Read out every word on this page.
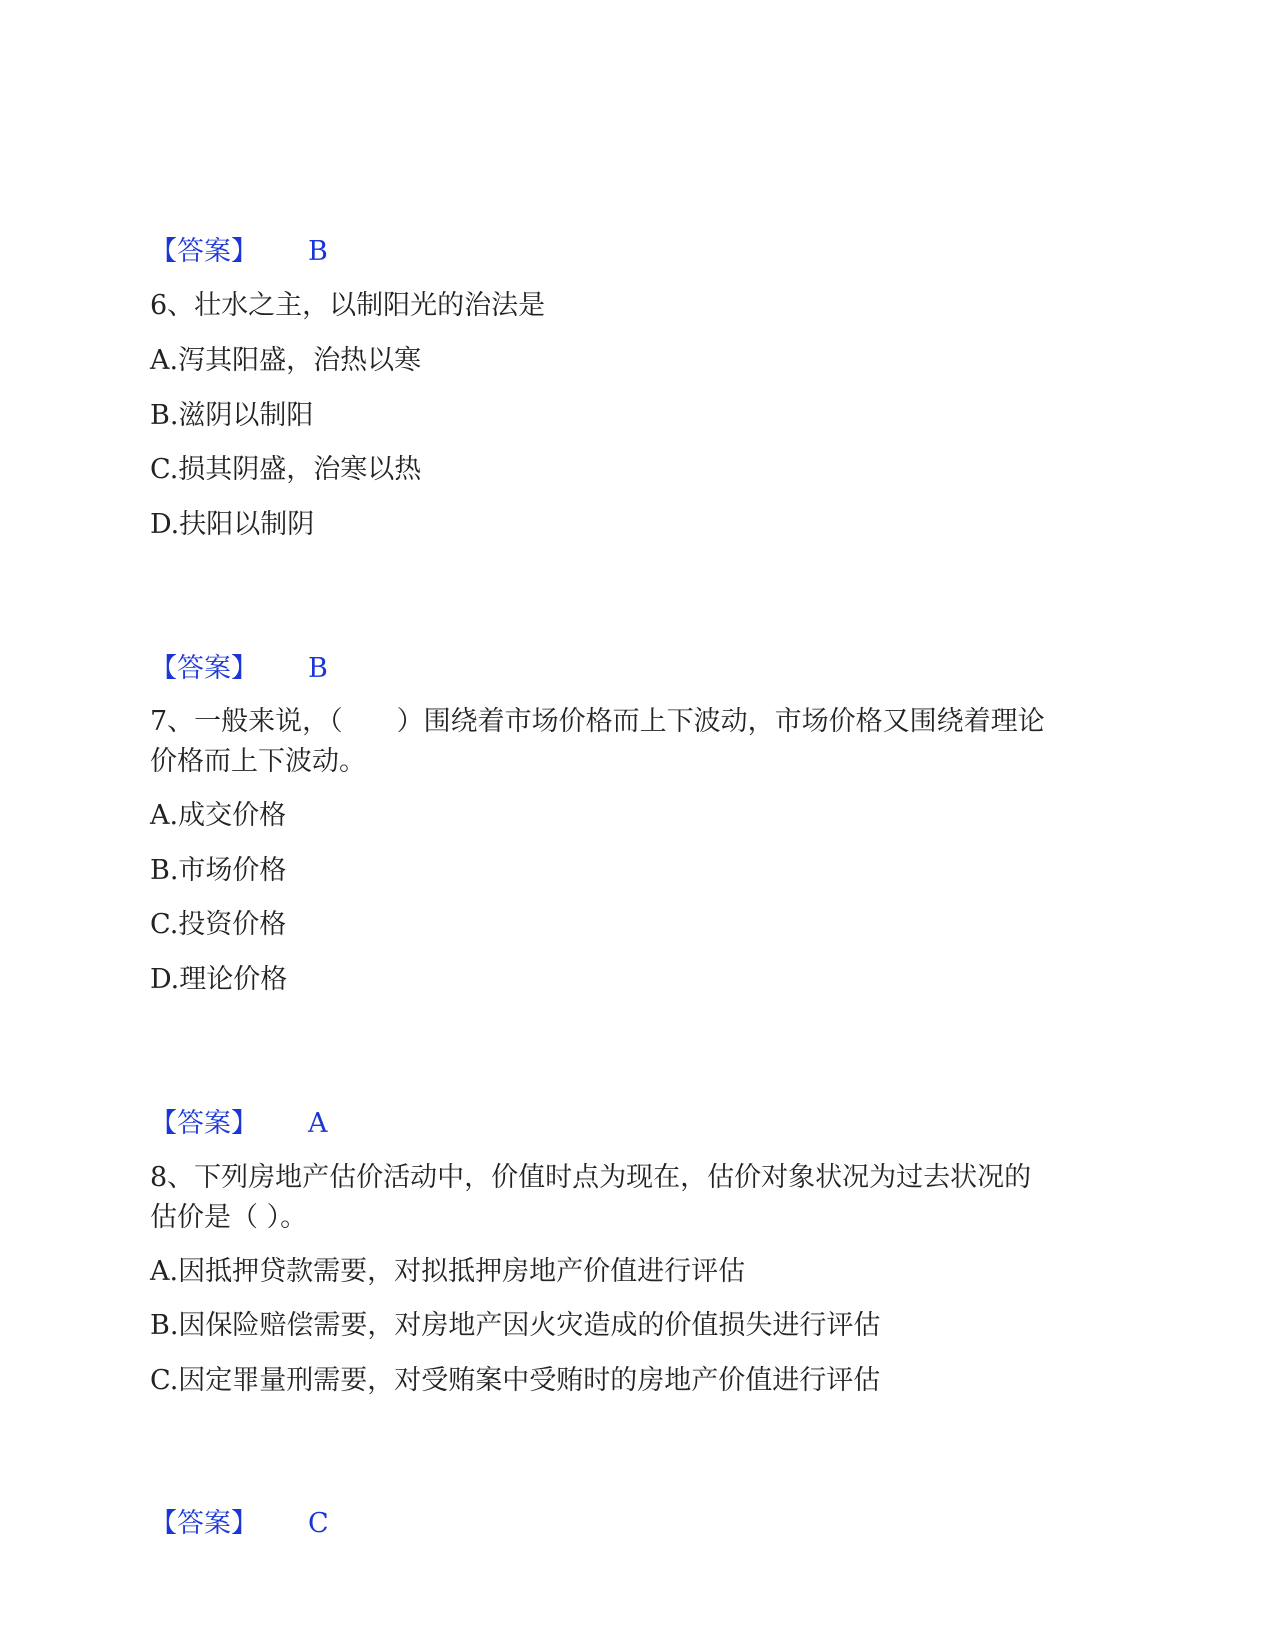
【答案】 B
6、壮水之主，以制阳光的治法是
A.泻其阳盛，治热以寒
B.滋阴以制阳
C.损其阴盛，治寒以热
D.扶阳以制阴
【答案】 B
7、一般来说，（　　）围绕着市场价格而上下波动，市场价格又围绕着理论
价格而上下波动。
A.成交价格
B.市场价格
C.投资价格
D.理论价格
【答案】 A
8、下列房地产估价活动中，价值时点为现在，估价对象状况为过去状况的
估价是（ ）。
A.因抵押贷款需要，对拟抵押房地产价值进行评估
B.因保险赔偿需要，对房地产因火灾造成的价值损失进行评估
C.因定罪量刑需要，对受贿案中受贿时的房地产价值进行评估
【答案】 C
